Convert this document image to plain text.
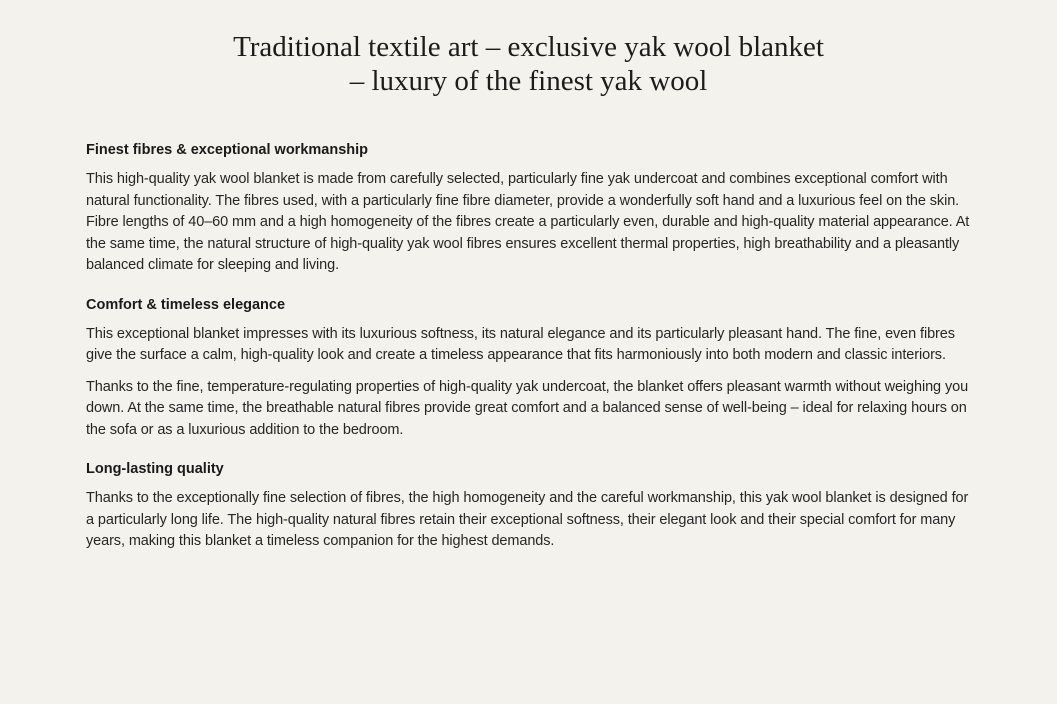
Traditional textile art – exclusive yak wool blanket
– luxury of the finest yak wool
Finest fibres & exceptional workmanship

This high-quality yak wool blanket is made from carefully selected, particularly fine yak undercoat and combines exceptional comfort with natural functionality. The fibres used, with a particularly fine fibre diameter, provide a wonderfully soft hand and a luxurious feel on the skin. Fibre lengths of 40–60 mm and a high homogeneity of the fibres create a particularly even, durable and high-quality material appearance. At the same time, the natural structure of high-quality yak wool fibres ensures excellent thermal properties, high breathability and a pleasantly balanced climate for sleeping and living.

Comfort & timeless elegance

This exceptional blanket impresses with its luxurious softness, its natural elegance and its particularly pleasant hand. The fine, even fibres give the surface a calm, high-quality look and create a timeless appearance that fits harmoniously into both modern and classic interiors.

Thanks to the fine, temperature-regulating properties of high-quality yak undercoat, the blanket offers pleasant warmth without weighing you down. At the same time, the breathable natural fibres provide great comfort and a balanced sense of well-being – ideal for relaxing hours on the sofa or as a luxurious addition to the bedroom.

Long-lasting quality

Thanks to the exceptionally fine selection of fibres, the high homogeneity and the careful workmanship, this yak wool blanket is designed for a particularly long life. The high-quality natural fibres retain their exceptional softness, their elegant look and their special comfort for many years, making this blanket a timeless companion for the highest demands.
